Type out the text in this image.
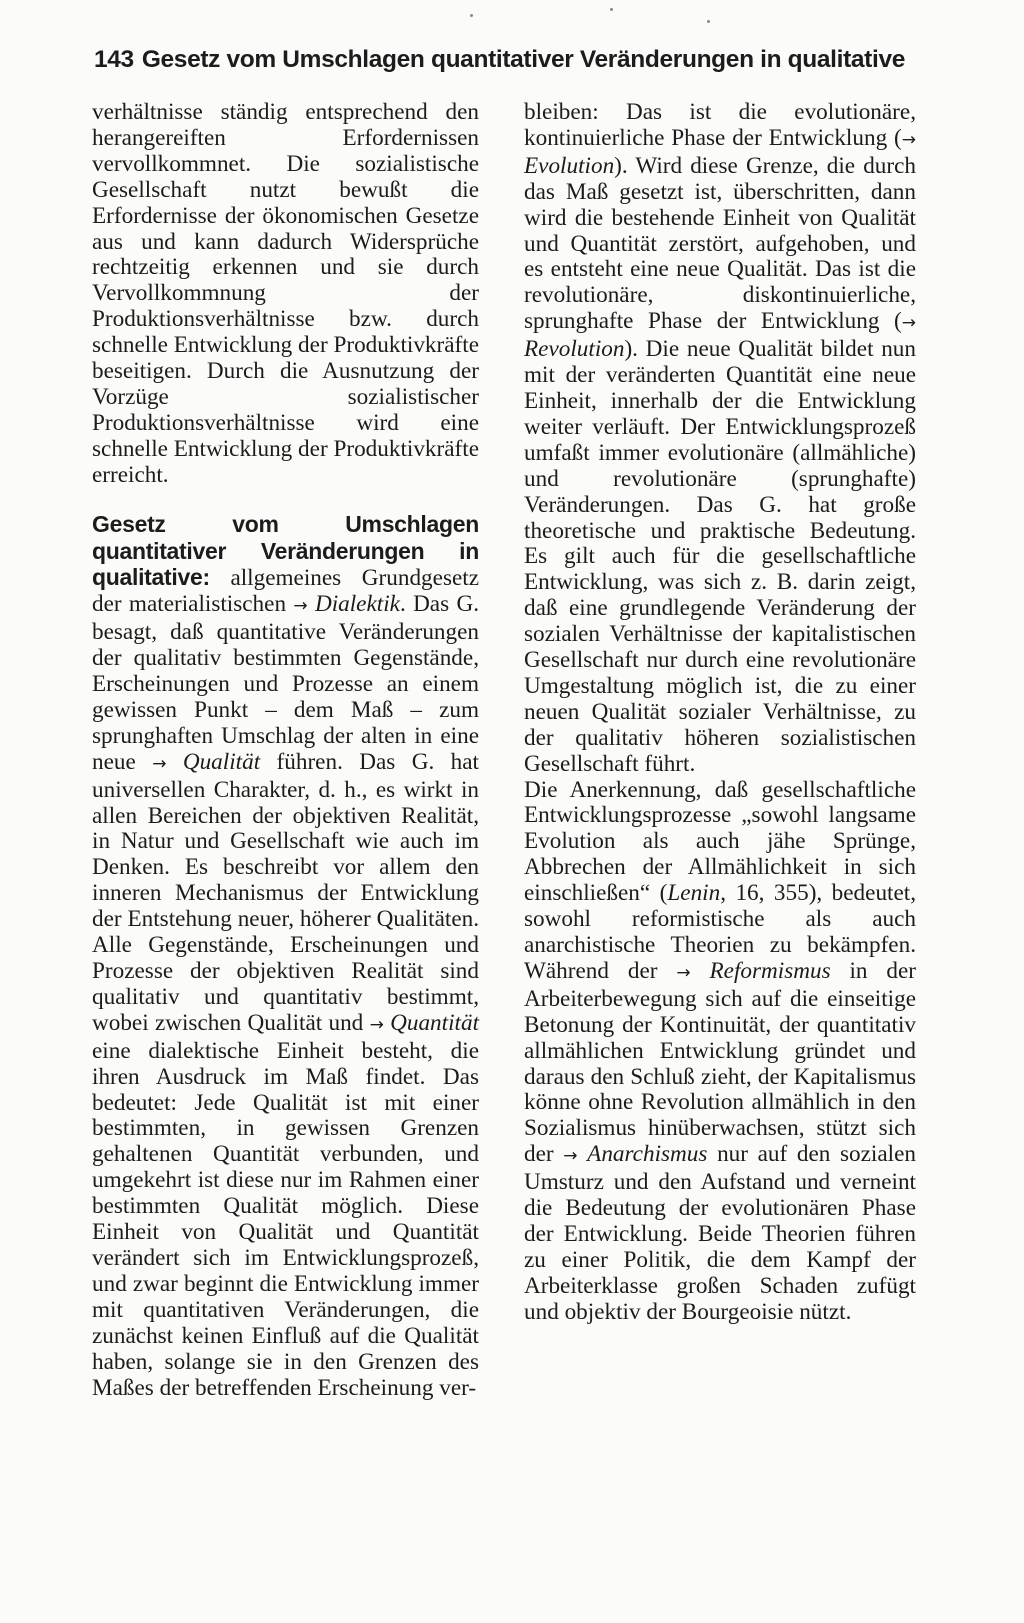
143 Gesetz vom Umschlagen quantitativer Veränderungen in qualitative

verhältnisse ständig entsprechend den herangereiften Erfordernissen vervollkommnet. Die sozialistische Gesellschaft nutzt bewußt die Erfordernisse der ökonomischen Gesetze aus und kann dadurch Widersprüche rechtzeitig erkennen und sie durch Vervollkommnung der Produktionsverhältnisse bzw. durch schnelle Entwicklung der Produktivkräfte beseitigen. Durch die Ausnutzung der Vorzüge sozialistischer Produktionsverhältnisse wird eine schnelle Entwicklung der Produktivkräfte erreicht.

Gesetz vom Umschlagen quantitativer Veränderungen in qualitative: allgemeines Grundgesetz der materialistischen → Dialektik. Das G. besagt, daß quantitative Veränderungen der qualitativ bestimmten Gegenstände, Erscheinungen und Prozesse an einem gewissen Punkt – dem Maß – zum sprunghaften Umschlag der alten in eine neue → Qualität führen. Das G. hat universellen Charakter, d. h., es wirkt in allen Bereichen der objektiven Realität, in Natur und Gesellschaft wie auch im Denken. Es beschreibt vor allem den inneren Mechanismus der Entwicklung der Entstehung neuer, höherer Qualitäten. Alle Gegenstände, Erscheinungen und Prozesse der objektiven Realität sind qualitativ und quantitativ bestimmt, wobei zwischen Qualität und → Quantität eine dialektische Einheit besteht, die ihren Ausdruck im Maß findet. Das bedeutet: Jede Qualität ist mit einer bestimmten, in gewissen Grenzen gehaltenen Quantität verbunden, und umgekehrt ist diese nur im Rahmen einer bestimmten Qualität möglich. Diese Einheit von Qualität und Quantität verändert sich im Entwicklungsprozeß, und zwar beginnt die Entwicklung immer mit quantitativen Veränderungen, die zunächst keinen Einfluß auf die Qualität haben, solange sie in den Grenzen des Maßes der betreffenden Erscheinung ver-

bleiben: Das ist die evolutionäre, kontinuierliche Phase der Entwicklung (→ Evolution). Wird diese Grenze, die durch das Maß gesetzt ist, überschritten, dann wird die bestehende Einheit von Qualität und Quantität zerstört, aufgehoben, und es entsteht eine neue Qualität. Das ist die revolutionäre, diskontinuierliche, sprunghafte Phase der Entwicklung (→ Revolution). Die neue Qualität bildet nun mit der veränderten Quantität eine neue Einheit, innerhalb der die Entwicklung weiter verläuft. Der Entwicklungsprozeß umfaßt immer evolutionäre (allmähliche) und revolutionäre (sprunghafte) Veränderungen. Das G. hat große theoretische und praktische Bedeutung. Es gilt auch für die gesellschaftliche Entwicklung, was sich z. B. darin zeigt, daß eine grundlegende Veränderung der sozialen Verhältnisse der kapitalistischen Gesellschaft nur durch eine revolutionäre Umgestaltung möglich ist, die zu einer neuen Qualität sozialer Verhältnisse, zu der qualitativ höheren sozialistischen Gesellschaft führt.

Die Anerkennung, daß gesellschaftliche Entwicklungsprozesse „sowohl langsame Evolution als auch jähe Sprünge, Abbrechen der Allmählichkeit in sich einschließen“ (Lenin, 16, 355), bedeutet, sowohl reformistische als auch anarchistische Theorien zu bekämpfen. Während der → Reformismus in der Arbeiterbewegung sich auf die einseitige Betonung der Kontinuität, der quantitativ allmählichen Entwicklung gründet und daraus den Schluß zieht, der Kapitalismus könne ohne Revolution allmählich in den Sozialismus hinüberwachsen, stützt sich der → Anarchismus nur auf den sozialen Umsturz und den Aufstand und verneint die Bedeutung der evolutionären Phase der Entwicklung. Beide Theorien führen zu einer Politik, die dem Kampf der Arbeiterklasse großen Schaden zufügt und objektiv der Bourgeoisie nützt.
